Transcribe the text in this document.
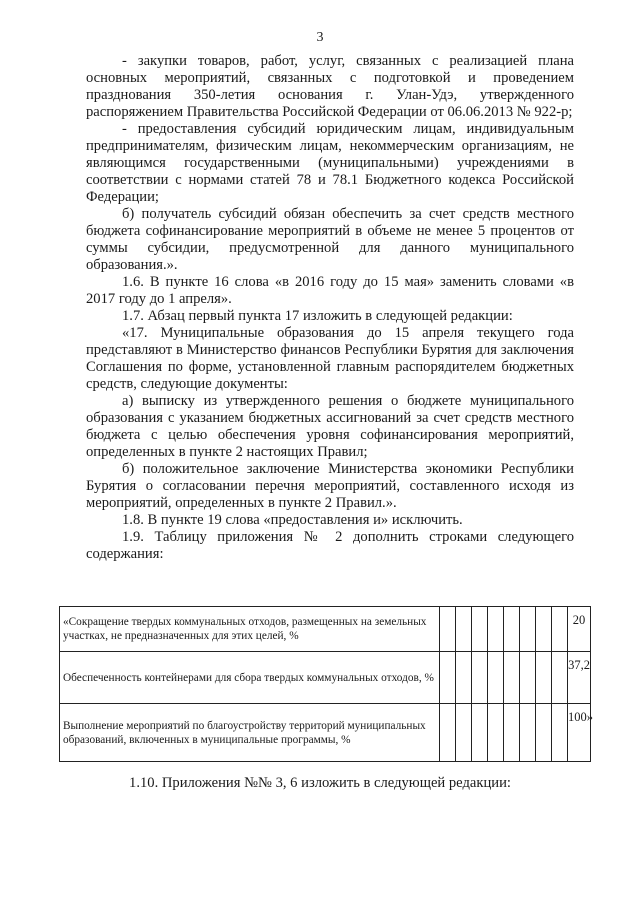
3

- закупки товаров, работ, услуг, связанных с реализацией плана основных мероприятий, связанных с подготовкой и проведением празднования 350-летия основания г. Улан-Удэ, утвержденного распоряжением Правительства Российской Федерации от 06.06.2013 № 922-р;

- предоставления субсидий юридическим лицам, индивидуальным предпринимателям, физическим лицам, некоммерческим организациям, не являющимся государственными (муниципальными) учреждениями в соответствии с нормами статей 78 и 78.1 Бюджетного кодекса Российской Федерации;

б) получатель субсидий обязан обеспечить за счет средств местного бюджета софинансирование мероприятий в объеме не менее 5 процентов от суммы субсидии, предусмотренной для данного муниципального образования.».

1.6. В пункте 16 слова «в 2016 году до 15 мая» заменить словами «в 2017 году до 1 апреля».

1.7. Абзац первый пункта 17 изложить в следующей редакции:

«17. Муниципальные образования до 15 апреля текущего года представляют в Министерство финансов Республики Бурятия для заключения Соглашения по форме, установленной главным распорядителем бюджетных средств, следующие документы:

а) выписку из утвержденного решения о бюджете муниципального образования с указанием бюджетных ассигнований за счет средств местного бюджета с целью обеспечения уровня софинансирования мероприятий, определенных в пункте 2 настоящих Правил;

б) положительное заключение Министерства экономики Республики Бурятия о согласовании перечня мероприятий, составленного исходя из мероприятий, определенных в пункте 2 Правил.».

1.8. В пункте 19 слова «предоставления и» исключить.

1.9. Таблицу приложения № 2 дополнить строками следующего содержания:

«Сокращение твердых коммунальных отходов, размещенных на земельных участках, не предназначенных для этих целей, %									20
Обеспеченность контейнерами для сбора твердых коммунальных отходов, %									37,2
Выполнение мероприятий по благоустройству территорий муниципальных образований, включенных в муниципальные программы, %									100»
1.10. Приложения №№ 3, 6 изложить в следующей редакции:
